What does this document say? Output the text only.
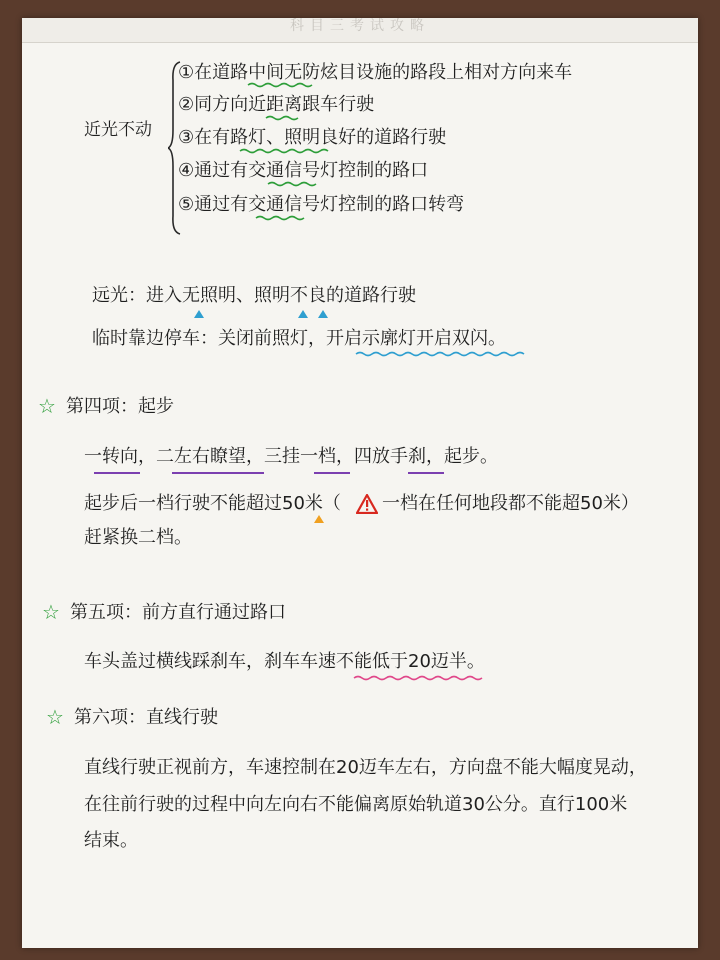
科目三考试攻略
近光不动
①在道路中间无防炫目设施的路段上相对方向来车
②同方向近距离跟车行驶
③在有路灯、照明良好的道路行驶
④通过有交通信号灯控制的路口
⑤通过有交通信号灯控制的路口转弯
远光：进入无照明、照明不良的道路行驶
临时靠边停车：关闭前照灯，开启示廓灯开启双闪。
☆ 第四项：起步
一转向，二左右瞭望，三挂一档，四放手刹，起步。
起步后一档行驶不能超过50米（ 一档在任何地段都不能超50米）
赶紧换二档。
☆ 第五项：前方直行通过路口
车头盖过横线踩刹车，刹车车速不能低于20迈半。
☆ 第六项：直线行驶
直线行驶正视前方，车速控制在20迈车左右，方向盘不能大幅度晃动，
在往前行驶的过程中向左向右不能偏离原始轨道30公分。直行100米
结束。
